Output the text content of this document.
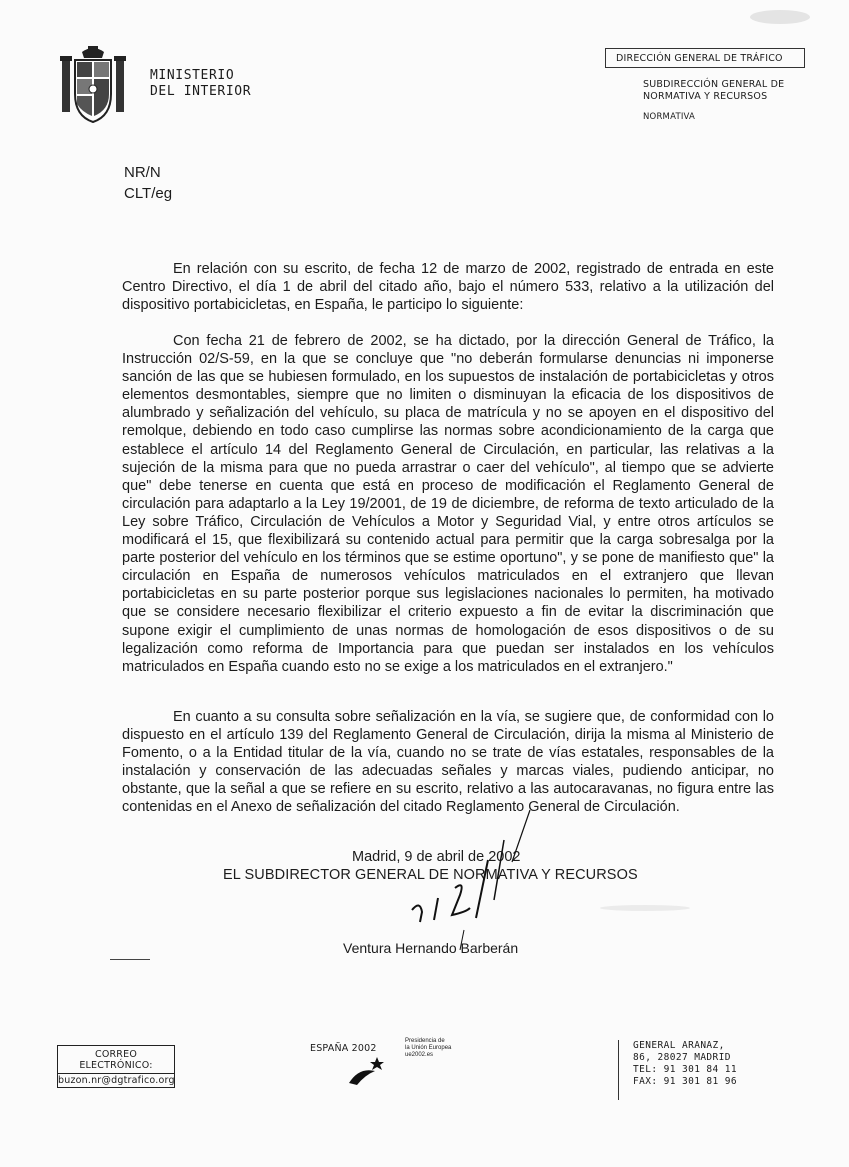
MINISTERIO
DEL INTERIOR
DIRECCIÓN GENERAL DE TRÁFICO
SUBDIRECCIÓN GENERAL DE
NORMATIVA Y RECURSOS
NORMATIVA
NR/N
CLT/eg
En relación con su escrito, de fecha 12 de marzo de 2002, registrado de entrada en este Centro Directivo, el día 1 de abril del citado año, bajo el número 533, relativo a la utilización del dispositivo portabicicletas, en España, le participo lo siguiente:
Con fecha 21 de febrero de 2002, se ha dictado, por la dirección General de Tráfico, la Instrucción 02/S-59, en la que se concluye que "no deberán formularse denuncias ni imponerse sanción de las que se hubiesen formulado, en los supuestos de instalación de portabicicletas y otros elementos desmontables, siempre que no limiten o disminuyan la eficacia de los dispositivos de alumbrado y señalización del vehículo, su placa de matrícula y no se apoyen en el dispositivo del remolque, debiendo en todo caso cumplirse las normas sobre acondicionamiento de la carga que establece el artículo 14 del Reglamento General de Circulación, en particular, las relativas a la sujeción de la misma para que no pueda arrastrar o caer del vehículo", al tiempo que se advierte que" debe tenerse en cuenta que está en proceso de modificación el Reglamento General de circulación para adaptarlo a la Ley 19/2001, de 19 de diciembre, de reforma de texto articulado de la Ley sobre Tráfico, Circulación de Vehículos a Motor y Seguridad Vial, y entre otros artículos se modificará el 15, que flexibilizará su contenido actual para permitir que la carga sobresalga por la parte posterior del vehículo en los términos que se estime oportuno", y se pone de manifiesto que" la circulación en España de numerosos vehículos matriculados en el extranjero que llevan portabicicletas en su parte posterior porque sus legislaciones nacionales lo permiten, ha motivado que se considere necesario flexibilizar el criterio expuesto a fin de evitar la discriminación que supone exigir el cumplimiento de unas normas de homologación de esos dispositivos o de su legalización como reforma de Importancia para que puedan ser instalados en los vehículos matriculados en España cuando esto no se exige a los matriculados en el extranjero."
En cuanto a su consulta sobre señalización en la vía, se sugiere que, de conformidad con lo dispuesto en el artículo 139 del Reglamento General de Circulación, dirija la misma al Ministerio de Fomento, o a la Entidad titular de la vía, cuando no se trate de vías estatales, responsables de la instalación y conservación de las adecuadas señales y marcas viales, pudiendo anticipar, no obstante, que la señal a que se refiere en su escrito, relativo a las autocaravanas, no figura entre las contenidas en el Anexo de señalización del citado Reglamento General de Circulación.
Madrid, 9 de abril de 2002
EL SUBDIRECTOR GENERAL DE NORMATIVA Y RECURSOS
Ventura Hernando Barberán
CORREO
ELECTRÓNICO:
buzon.nr@dgtrafico.org
ESPAÑA 2002
Presidencia de
la Unión Europea
ue2002.es
GENERAL ARANAZ,
86, 28027 MADRID
TEL: 91 301 84 11
FAX: 91 301 81 96
